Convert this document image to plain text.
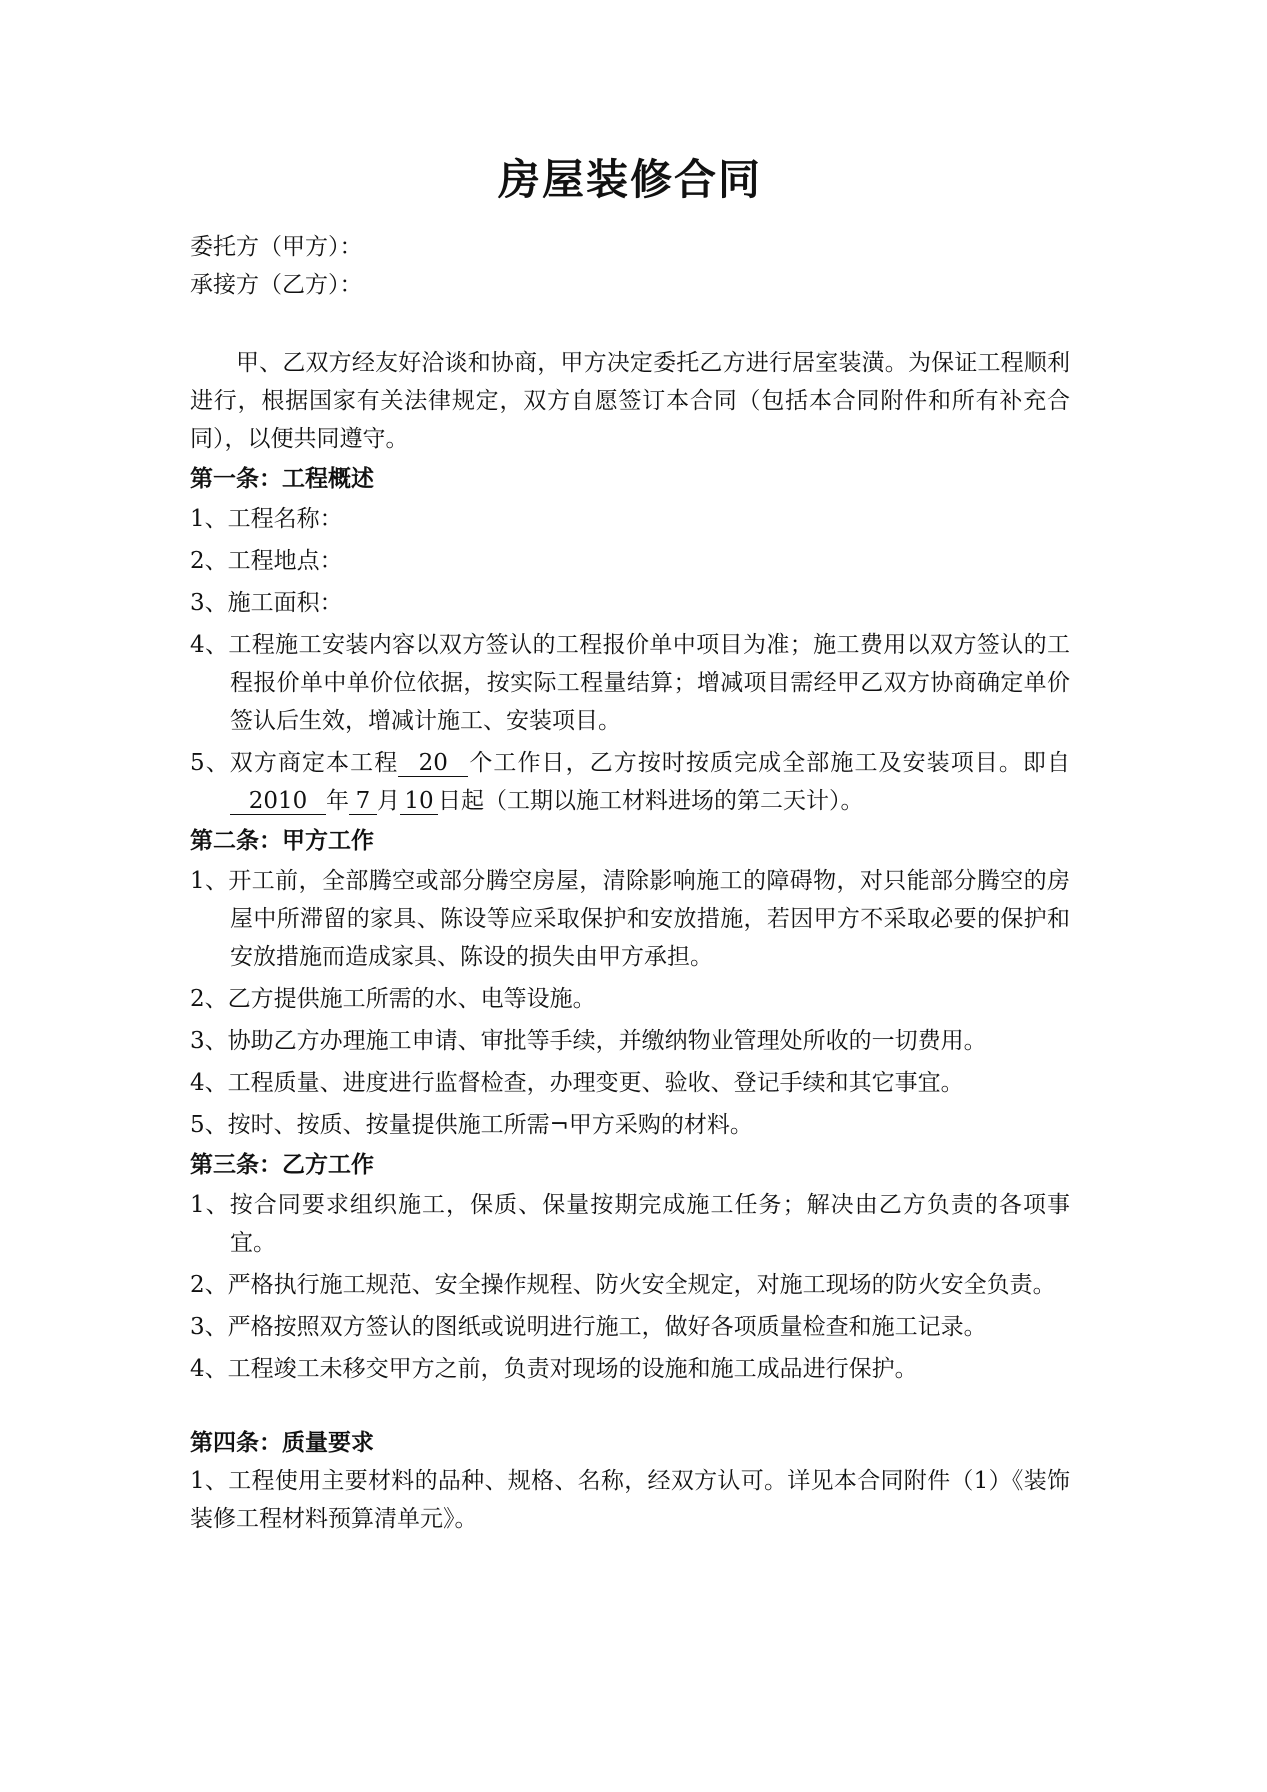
房屋装修合同

委托方（甲方）：

承接方（乙方）：

甲、乙双方经友好洽谈和协商，甲方决定委托乙方进行居室装潢。为保证工程顺利进行，根据国家有关法律规定，双方自愿签订本合同（包括本合同附件和所有补充合同），以便共同遵守。

第一条：工程概述

1、工程名称：

2、工程地点：

3、施工面积：

4、工程施工安装内容以双方签认的工程报价单中项目为准；施工费用以双方签认的工程报价单中单价位依据，按实际工程量结算；增减项目需经甲乙双方协商确定单价签认后生效，增减计施工、安装项目。

5、双方商定本工程 20 个工作日，乙方按时按质完成全部施工及安装项目。即自2010 年 7 月 10 日起（工期以施工材料进场的第二天计）。

第二条：甲方工作

1、开工前，全部腾空或部分腾空房屋，清除影响施工的障碍物，对只能部分腾空的房屋中所滞留的家具、陈设等应采取保护和安放措施，若因甲方不采取必要的保护和安放措施而造成家具、陈设的损失由甲方承担。

2、乙方提供施工所需的水、电等设施。

3、协助乙方办理施工申请、审批等手续，并缴纳物业管理处所收的一切费用。

4、工程质量、进度进行监督检查，办理变更、验收、登记手续和其它事宜。

5、按时、按质、按量提供施工所需¬甲方采购的材料。

第三条：乙方工作

1、按合同要求组织施工，保质、保量按期完成施工任务；解决由乙方负责的各项事宜。

2、严格执行施工规范、安全操作规程、防火安全规定，对施工现场的防火安全负责。

3、严格按照双方签认的图纸或说明进行施工，做好各项质量检查和施工记录。

4、工程竣工未移交甲方之前，负责对现场的设施和施工成品进行保护。

第四条：质量要求

1、工程使用主要材料的品种、规格、名称，经双方认可。详见本合同附件（1）《装饰装修工程材料预算清单元》。
